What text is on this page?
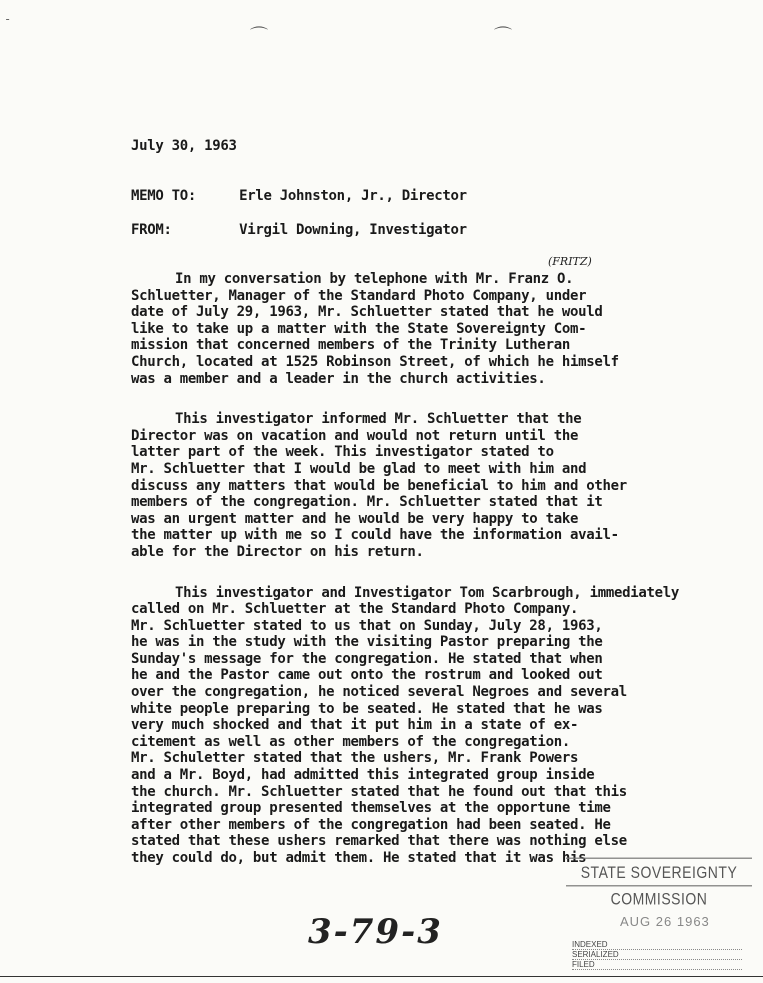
-
⌒	⌒
July 30, 1963
MEMO TO:	Erle Johnston, Jr., Director
FROM:	Virgil Downing, Investigator
(FRITZ)

In my conversation by telephone with Mr. Franz O.
Schluetter, Manager of the Standard Photo Company, under
date of July 29, 1963, Mr. Schluetter stated that he would
like to take up a matter with the State Sovereignty Com-
mission that concerned members of the Trinity Lutheran
Church, located at 1525 Robinson Street, of which he himself
was a member and a leader in the church activities.

This investigator informed Mr. Schluetter that the
Director was on vacation and would not return until the
latter part of the week. This investigator stated to
Mr. Schluetter that I would be glad to meet with him and
discuss any matters that would be beneficial to him and other
members of the congregation. Mr. Schluetter stated that it
was an urgent matter and he would be very happy to take
the matter up with me so I could have the information avail-
able for the Director on his return.

This investigator and Investigator Tom Scarbrough, immediately
called on Mr. Schluetter at the Standard Photo Company.
Mr. Schluetter stated to us that on Sunday, July 28, 1963,
he was in the study with the visiting Pastor preparing the
Sunday's message for the congregation. He stated that when
he and the Pastor came out onto the rostrum and looked out
over the congregation, he noticed several Negroes and several
white people preparing to be seated. He stated that he was
very much shocked and that it put him in a state of ex-
citement as well as other members of the congregation.
Mr. Schuletter stated that the ushers, Mr. Frank Powers
and a Mr. Boyd, had admitted this integrated group inside
the church. Mr. Schluetter stated that he found out that this
integrated group presented themselves at the opportune time
after other members of the congregation had been seated. He
stated that these ushers remarked that there was nothing else
they could do, but admit them. He stated that it was his

3-79-3
STATE SOVEREIGNTY COMMISSION
AUG 26 1963
INDEXED
SERIALIZED
FILED
